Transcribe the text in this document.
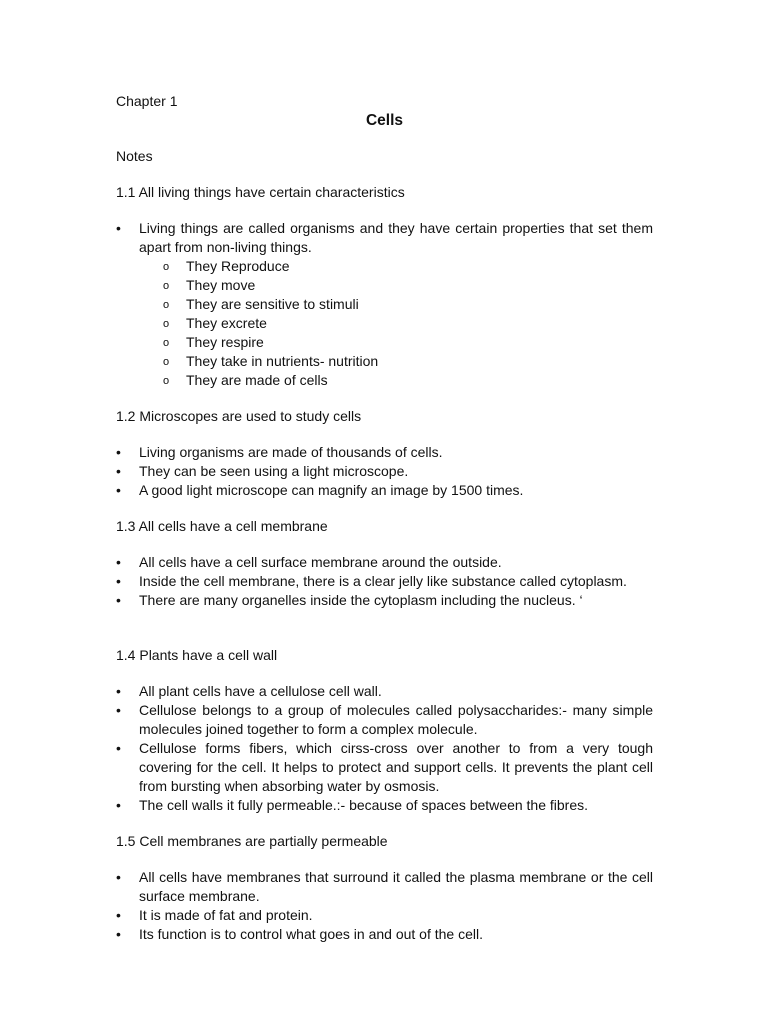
Chapter 1

Cells

Notes

1.1 All living things have certain characteristics

• Living things are called organisms and they have certain properties that set them apart from non-living things.
o They Reproduce
o They move
o They are sensitive to stimuli
o They excrete
o They respire
o They take in nutrients- nutrition
o They are made of cells

1.2 Microscopes are used to study cells

• Living organisms are made of thousands of cells.
• They can be seen using a light microscope.
• A good light microscope can magnify an image by 1500 times.

1.3 All cells have a cell membrane

• All cells have a cell surface membrane around the outside.
• Inside the cell membrane, there is a clear jelly like substance called cytoplasm.
• There are many organelles inside the cytoplasm including the nucleus. ‘

1.4 Plants have a cell wall

• All plant cells have a cellulose cell wall.
• Cellulose belongs to a group of molecules called polysaccharides:- many simple molecules joined together to form a complex molecule.
• Cellulose forms fibers, which cirss-cross over another to from a very tough covering for the cell. It helps to protect and support cells. It prevents the plant cell from bursting when absorbing water by osmosis.
• The cell walls it fully permeable.:- because of spaces between the fibres.

1.5 Cell membranes are partially permeable

• All cells have membranes that surround it called the plasma membrane or the cell surface membrane.
• It is made of fat and protein.
• Its function is to control what goes in and out of the cell.
